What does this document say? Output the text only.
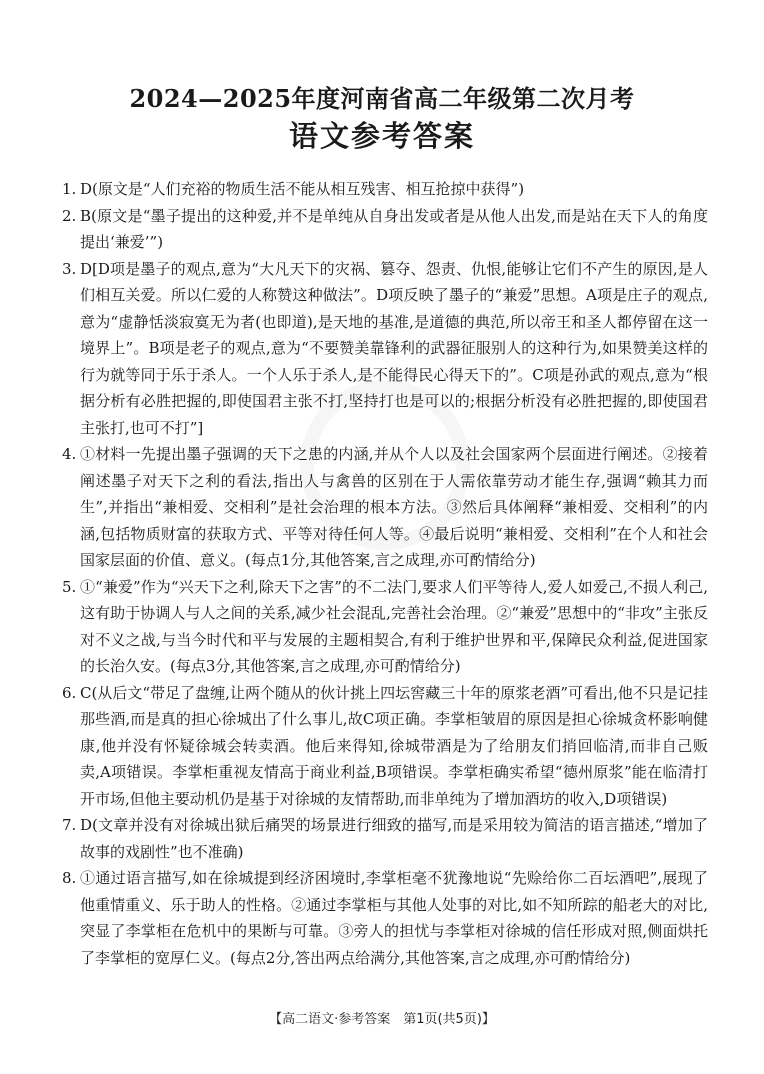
2024—2025年度河南省高二年级第二次月考
语文参考答案
1. D(原文是“人们充裕的物质生活不能从相互残害、相互抢掠中获得”)
2. B(原文是“墨子提出的这种爱,并不是单纯从自身出发或者是从他人出发,而是站在天下人的角度提出‘兼爱’”)
3. D[D项是墨子的观点,意为“大凡天下的灾祸、篡夺、怨责、仇恨,能够让它们不产生的原因,是人们相互关爱。所以仁爱的人称赞这种做法”。D项反映了墨子的“兼爱”思想。A项是庄子的观点,意为“虚静恬淡寂寞无为者(也即道),是天地的基准,是道德的典范,所以帝王和圣人都停留在这一境界上”。B项是老子的观点,意为“不要赞美靠锋利的武器征服别人的这种行为,如果赞美这样的行为就等同于乐于杀人。一个人乐于杀人,是不能得民心得天下的”。C项是孙武的观点,意为“根据分析有必胜把握的,即使国君主张不打,坚持打也是可以的;根据分析没有必胜把握的,即使国君主张打,也可不打”]
4. ①材料一先提出墨子强调的天下之患的内涵,并从个人以及社会国家两个层面进行阐述。②接着阐述墨子对天下之利的看法,指出人与禽兽的区别在于人需依靠劳动才能生存,强调“赖其力而生”,并指出“兼相爱、交相利”是社会治理的根本方法。③然后具体阐释“兼相爱、交相利”的内涵,包括物质财富的获取方式、平等对待任何人等。④最后说明“兼相爱、交相利”在个人和社会国家层面的价值、意义。(每点1分,其他答案,言之成理,亦可酌情给分)
5. ①“兼爱”作为“兴天下之利,除天下之害”的不二法门,要求人们平等待人,爱人如爱己,不损人利己,这有助于协调人与人之间的关系,减少社会混乱,完善社会治理。②“兼爱”思想中的“非攻”主张反对不义之战,与当今时代和平与发展的主题相契合,有利于维护世界和平,保障民众利益,促进国家的长治久安。(每点3分,其他答案,言之成理,亦可酌情给分)
6. C(从后文“带足了盘缠,让两个随从的伙计挑上四坛窖藏三十年的原浆老酒”可看出,他不只是记挂那些酒,而是真的担心徐城出了什么事儿,故C项正确。李掌柜皱眉的原因是担心徐城贪杯影响健康,他并没有怀疑徐城会转卖酒。他后来得知,徐城带酒是为了给朋友们捎回临清,而非自己贩卖,A项错误。李掌柜重视友情高于商业利益,B项错误。李掌柜确实希望“德州原浆”能在临清打开市场,但他主要动机仍是基于对徐城的友情帮助,而非单纯为了增加酒坊的收入,D项错误)
7. D(文章并没有对徐城出狱后痛哭的场景进行细致的描写,而是采用较为简洁的语言描述,“增加了故事的戏剧性”也不准确)
8. ①通过语言描写,如在徐城提到经济困境时,李掌柜毫不犹豫地说“先赊给你二百坛酒吧”,展现了他重情重义、乐于助人的性格。②通过李掌柜与其他人处事的对比,如不知所踪的船老大的对比,突显了李掌柜在危机中的果断与可靠。③旁人的担忧与李掌柜对徐城的信任形成对照,侧面烘托了李掌柜的宽厚仁义。(每点2分,答出两点给满分,其他答案,言之成理,亦可酌情给分)
【高二语文·参考答案　第1页(共5页)】
